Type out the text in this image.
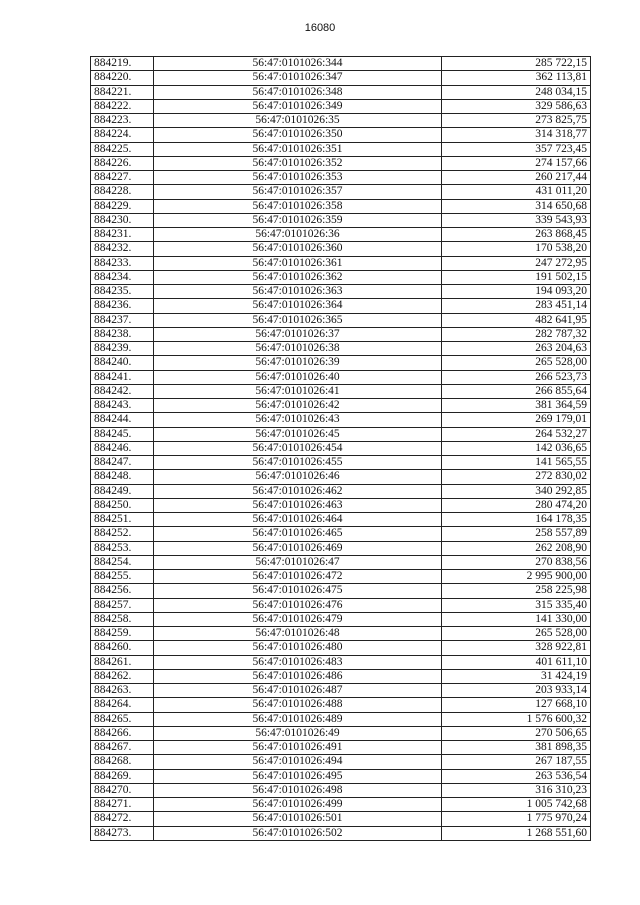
16080
884219.	56:47:0101026:344	285 722,15
884220.	56:47:0101026:347	362 113,81
884221.	56:47:0101026:348	248 034,15
884222.	56:47:0101026:349	329 586,63
884223.	56:47:0101026:35	273 825,75
884224.	56:47:0101026:350	314 318,77
884225.	56:47:0101026:351	357 723,45
884226.	56:47:0101026:352	274 157,66
884227.	56:47:0101026:353	260 217,44
884228.	56:47:0101026:357	431 011,20
884229.	56:47:0101026:358	314 650,68
884230.	56:47:0101026:359	339 543,93
884231.	56:47:0101026:36	263 868,45
884232.	56:47:0101026:360	170 538,20
884233.	56:47:0101026:361	247 272,95
884234.	56:47:0101026:362	191 502,15
884235.	56:47:0101026:363	194 093,20
884236.	56:47:0101026:364	283 451,14
884237.	56:47:0101026:365	482 641,95
884238.	56:47:0101026:37	282 787,32
884239.	56:47:0101026:38	263 204,63
884240.	56:47:0101026:39	265 528,00
884241.	56:47:0101026:40	266 523,73
884242.	56:47:0101026:41	266 855,64
884243.	56:47:0101026:42	381 364,59
884244.	56:47:0101026:43	269 179,01
884245.	56:47:0101026:45	264 532,27
884246.	56:47:0101026:454	142 036,65
884247.	56:47:0101026:455	141 565,55
884248.	56:47:0101026:46	272 830,02
884249.	56:47:0101026:462	340 292,85
884250.	56:47:0101026:463	280 474,20
884251.	56:47:0101026:464	164 178,35
884252.	56:47:0101026:465	258 557,89
884253.	56:47:0101026:469	262 208,90
884254.	56:47:0101026:47	270 838,56
884255.	56:47:0101026:472	2 995 900,00
884256.	56:47:0101026:475	258 225,98
884257.	56:47:0101026:476	315 335,40
884258.	56:47:0101026:479	141 330,00
884259.	56:47:0101026:48	265 528,00
884260.	56:47:0101026:480	328 922,81
884261.	56:47:0101026:483	401 611,10
884262.	56:47:0101026:486	31 424,19
884263.	56:47:0101026:487	203 933,14
884264.	56:47:0101026:488	127 668,10
884265.	56:47:0101026:489	1 576 600,32
884266.	56:47:0101026:49	270 506,65
884267.	56:47:0101026:491	381 898,35
884268.	56:47:0101026:494	267 187,55
884269.	56:47:0101026:495	263 536,54
884270.	56:47:0101026:498	316 310,23
884271.	56:47:0101026:499	1 005 742,68
884272.	56:47:0101026:501	1 775 970,24
884273.	56:47:0101026:502	1 268 551,60
